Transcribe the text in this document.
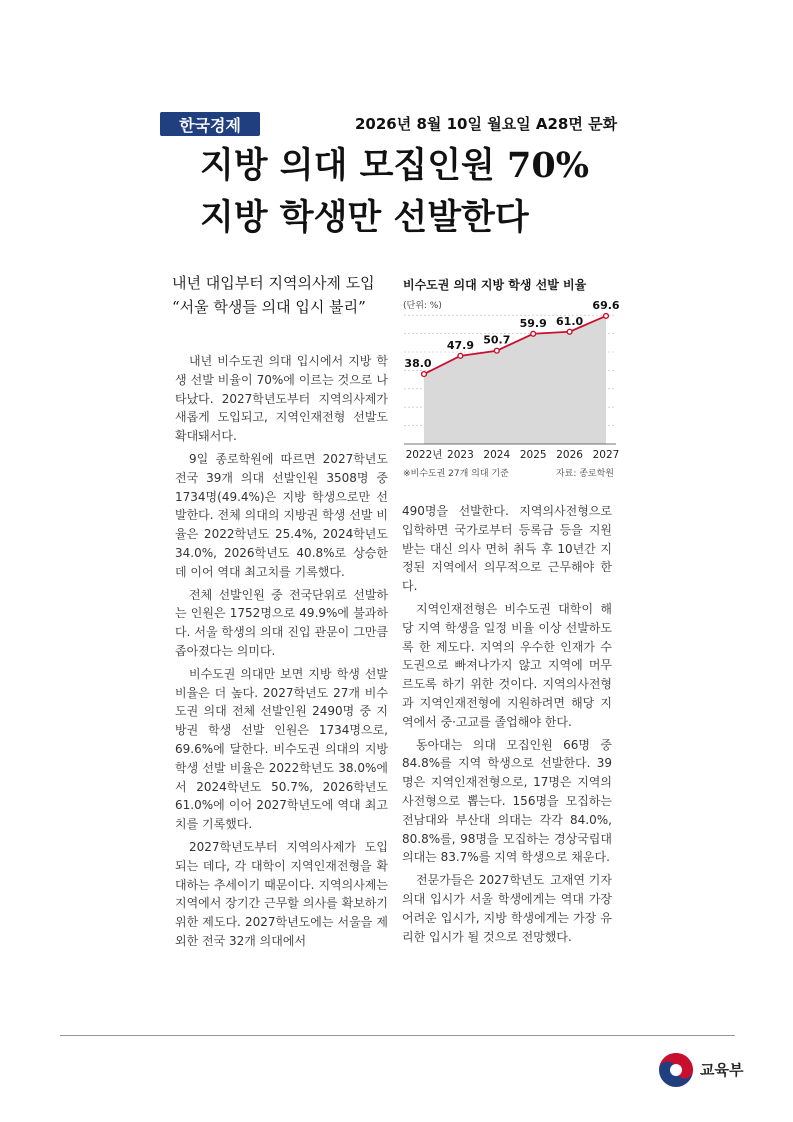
한국경제	2026년 8월 10일 월요일 A28면 문화
지방 의대 모집인원 70%
지방 학생만 선발한다
내년 대입부터 지역의사제 도입
“서울 학생들 의대 입시 불리”
비수도권 의대 지방 학생 선발 비율
(단위: %)
38.0
47.9 50.7
59.9 61.0
69.6
2022년 2023 2024 2025 2026 2027
※비수도권 27개 의대 기준	자료: 종로학원

내년 비수도권 의대 입시에서 지방 학생 선발 비율이 70%에 이르는 것으로 나타났다. 2027학년도부터 지역의사제가 새롭게 도입되고, 지역인재전형 선발도 확대돼서다.

9일 종로학원에 따르면 2027학년도 전국 39개 의대 선발인원 3508명 중 1734명(49.4%)은 지방 학생으로만 선발한다. 전체 의대의 지방권 학생 선발 비율은 2022학년도 25.4%, 2024학년도 34.0%, 2026학년도 40.8%로 상승한 데 이어 역대 최고치를 기록했다.

전체 선발인원 중 전국단위로 선발하는 인원은 1752명으로 49.9%에 불과하다. 서울 학생의 의대 진입 관문이 그만큼 좁아졌다는 의미다.

비수도권 의대만 보면 지방 학생 선발 비율은 더 높다. 2027학년도 27개 비수도권 의대 전체 선발인원 2490명 중 지방권 학생 선발 인원은 1734명으로, 69.6%에 달한다. 비수도권 의대의 지방 학생 선발 비율은 2022학년도 38.0%에서 2024학년도 50.7%, 2026학년도 61.0%에 이어 2027학년도에 역대 최고치를 기록했다.

2027학년도부터 지역의사제가 도입되는 데다, 각 대학이 지역인재전형을 확대하는 추세이기 때문이다. 지역의사제는 지역에서 장기간 근무할 의사를 확보하기 위한 제도다. 2027학년도에는 서울을 제외한 전국 32개 의대에서

490명을 선발한다. 지역의사전형으로 입학하면 국가로부터 등록금 등을 지원받는 대신 의사 면허 취득 후 10년간 지정된 지역에서 의무적으로 근무해야 한다.

지역인재전형은 비수도권 대학이 해당 지역 학생을 일정 비율 이상 선발하도록 한 제도다. 지역의 우수한 인재가 수도권으로 빠져나가지 않고 지역에 머무르도록 하기 위한 것이다. 지역의사전형과 지역인재전형에 지원하려면 해당 지역에서 중·고교를 졸업해야 한다.

동아대는 의대 모집인원 66명 중 84.8%를 지역 학생으로 선발한다. 39명은 지역인재전형으로, 17명은 지역의사전형으로 뽑는다. 156명을 모집하는 전남대와 부산대 의대는 각각 84.0%, 80.8%를, 98명을 모집하는 경상국립대 의대는 83.7%를 지역 학생으로 채운다.

고재연 기자
전문가들은 2027학년도 의대 입시가 서울 학생에게는 역대 가장 어려운 입시가, 지방 학생에게는 가장 유리한 입시가 될 것으로 전망했다.

교육부
